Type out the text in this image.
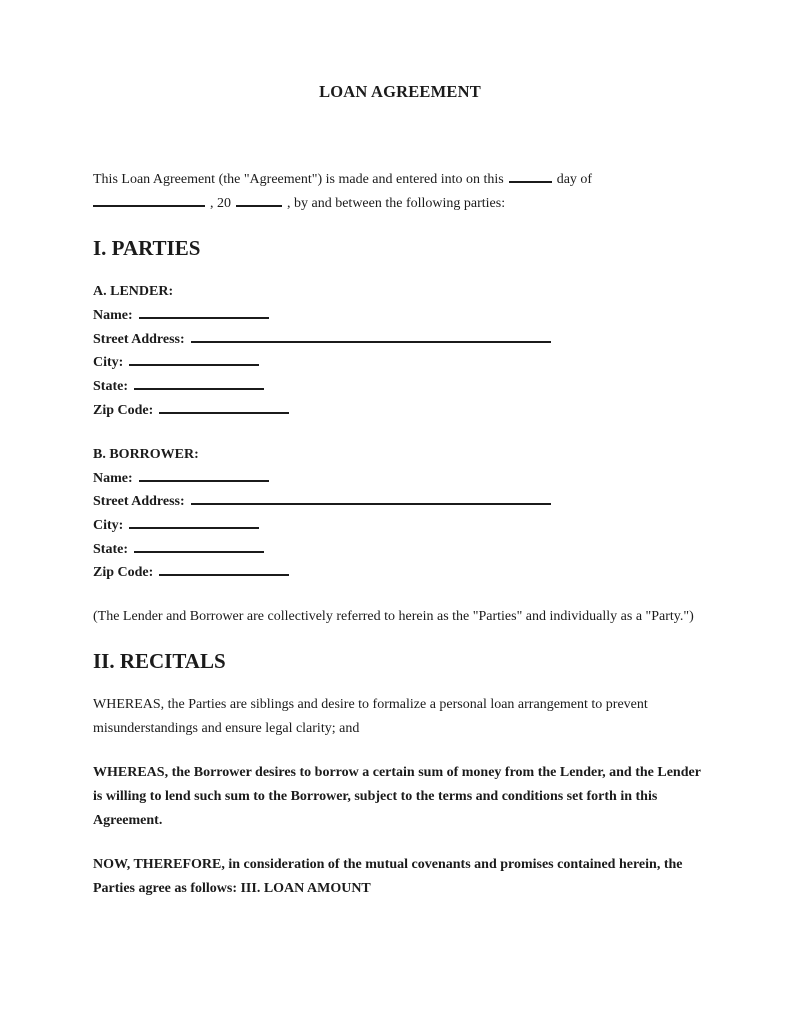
LOAN AGREEMENT

This Loan Agreement (the "Agreement") is made and entered into on this	day of , 20	, by and between the following parties:

I. PARTIES
A. LENDER:
Name:
Street Address:
City:
State:
Zip Code:
B. BORROWER:
Name:
Street Address:
City:
State:
Zip Code:

(The Lender and Borrower are collectively referred to herein as the "Parties" and individually as a "Party.")

II. RECITALS

WHEREAS, the Parties are siblings and desire to formalize a personal loan arrangement to prevent misunderstandings and ensure legal clarity; and

WHEREAS, the Borrower desires to borrow a certain sum of money from the Lender, and the Lender is willing to lend such sum to the Borrower, subject to the terms and conditions set forth in this Agreement.

NOW, THEREFORE, in consideration of the mutual covenants and promises contained herein, the Parties agree as follows: III. LOAN AMOUNT
